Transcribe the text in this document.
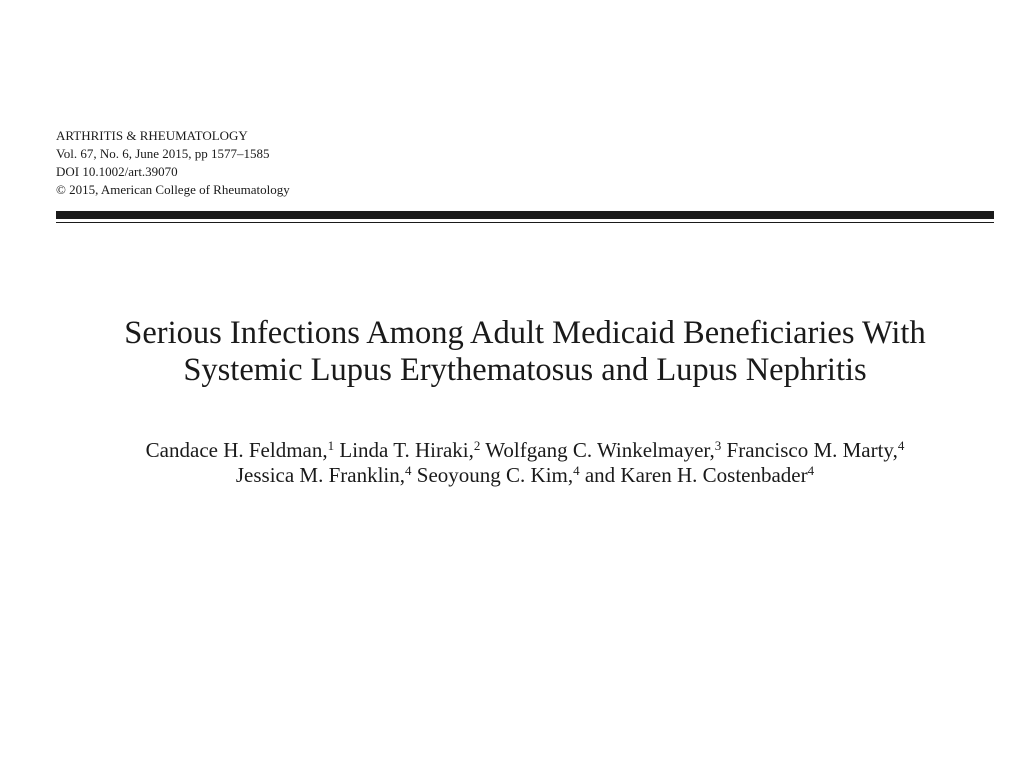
ARTHRITIS & RHEUMATOLOGY
Vol. 67, No. 6, June 2015, pp 1577–1585
DOI 10.1002/art.39070
© 2015, American College of Rheumatology
Serious Infections Among Adult Medicaid Beneficiaries With
Systemic Lupus Erythematosus and Lupus Nephritis
Candace H. Feldman,$^1$ Linda T. Hiraki,$^2$ Wolfgang C. Winkelmayer,$^3$ Francisco M. Marty,$^4$
Jessica M. Franklin,$^4$ Seoyoung C. Kim,$^4$ and Karen H. Costenbader$^4$
